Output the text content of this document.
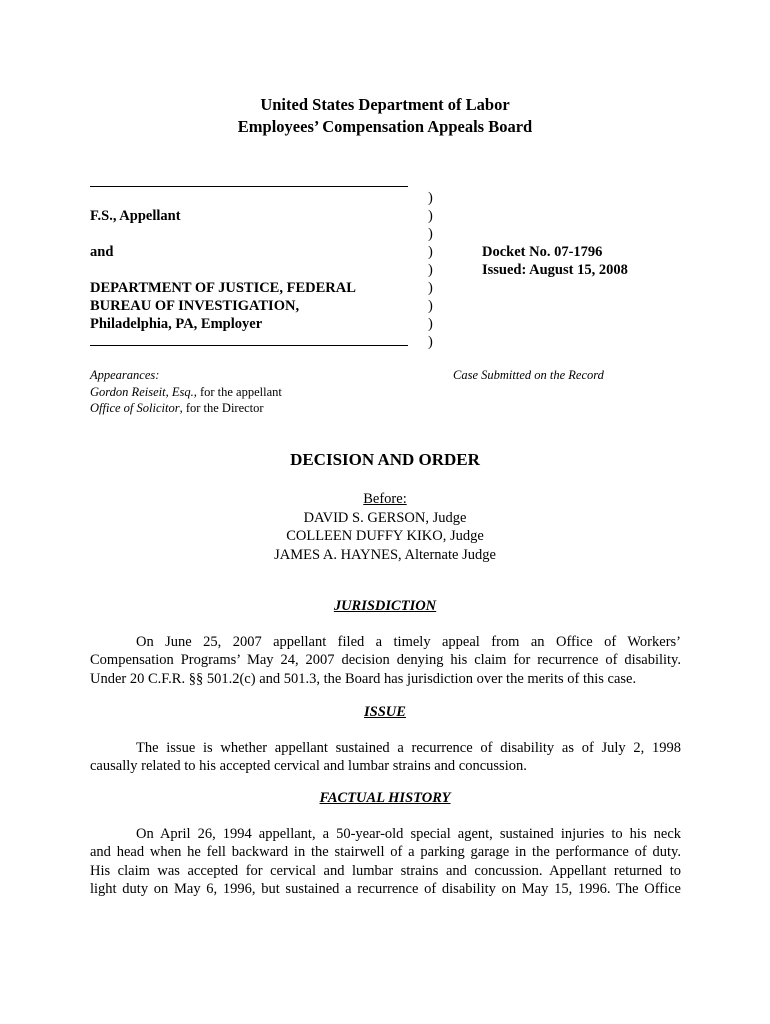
United States Department of Labor
Employees’ Compensation Appeals Board
F.S., Appellant
and
DEPARTMENT OF JUSTICE, FEDERAL
BUREAU OF INVESTIGATION,
Philadelphia, PA, Employer
)
)
)
)
)
)
)
)
)
Docket No. 07-1796
Issued: August 15, 2008
Appearances:
Gordon Reiseit, Esq., for the appellant
Office of Solicitor, for the Director
Case Submitted on the Record
DECISION AND ORDER
Before:
DAVID S. GERSON, Judge
COLLEEN DUFFY KIKO, Judge
JAMES A. HAYNES, Alternate Judge
JURISDICTION
On June 25, 2007 appellant filed a timely appeal from an Office of Workers’
Compensation Programs’ May 24, 2007 decision denying his claim for recurrence of disability.
Under 20 C.F.R. §§ 501.2(c) and 501.3, the Board has jurisdiction over the merits of this case.
ISSUE
The issue is whether appellant sustained a recurrence of disability as of July 2, 1998
causally related to his accepted cervical and lumbar strains and concussion.
FACTUAL HISTORY
On April 26, 1994 appellant, a 50-year-old special agent, sustained injuries to his neck
and head when he fell backward in the stairwell of a parking garage in the performance of duty.
His claim was accepted for cervical and lumbar strains and concussion. Appellant returned to
light duty on May 6, 1996, but sustained a recurrence of disability on May 15, 1996. The Office
